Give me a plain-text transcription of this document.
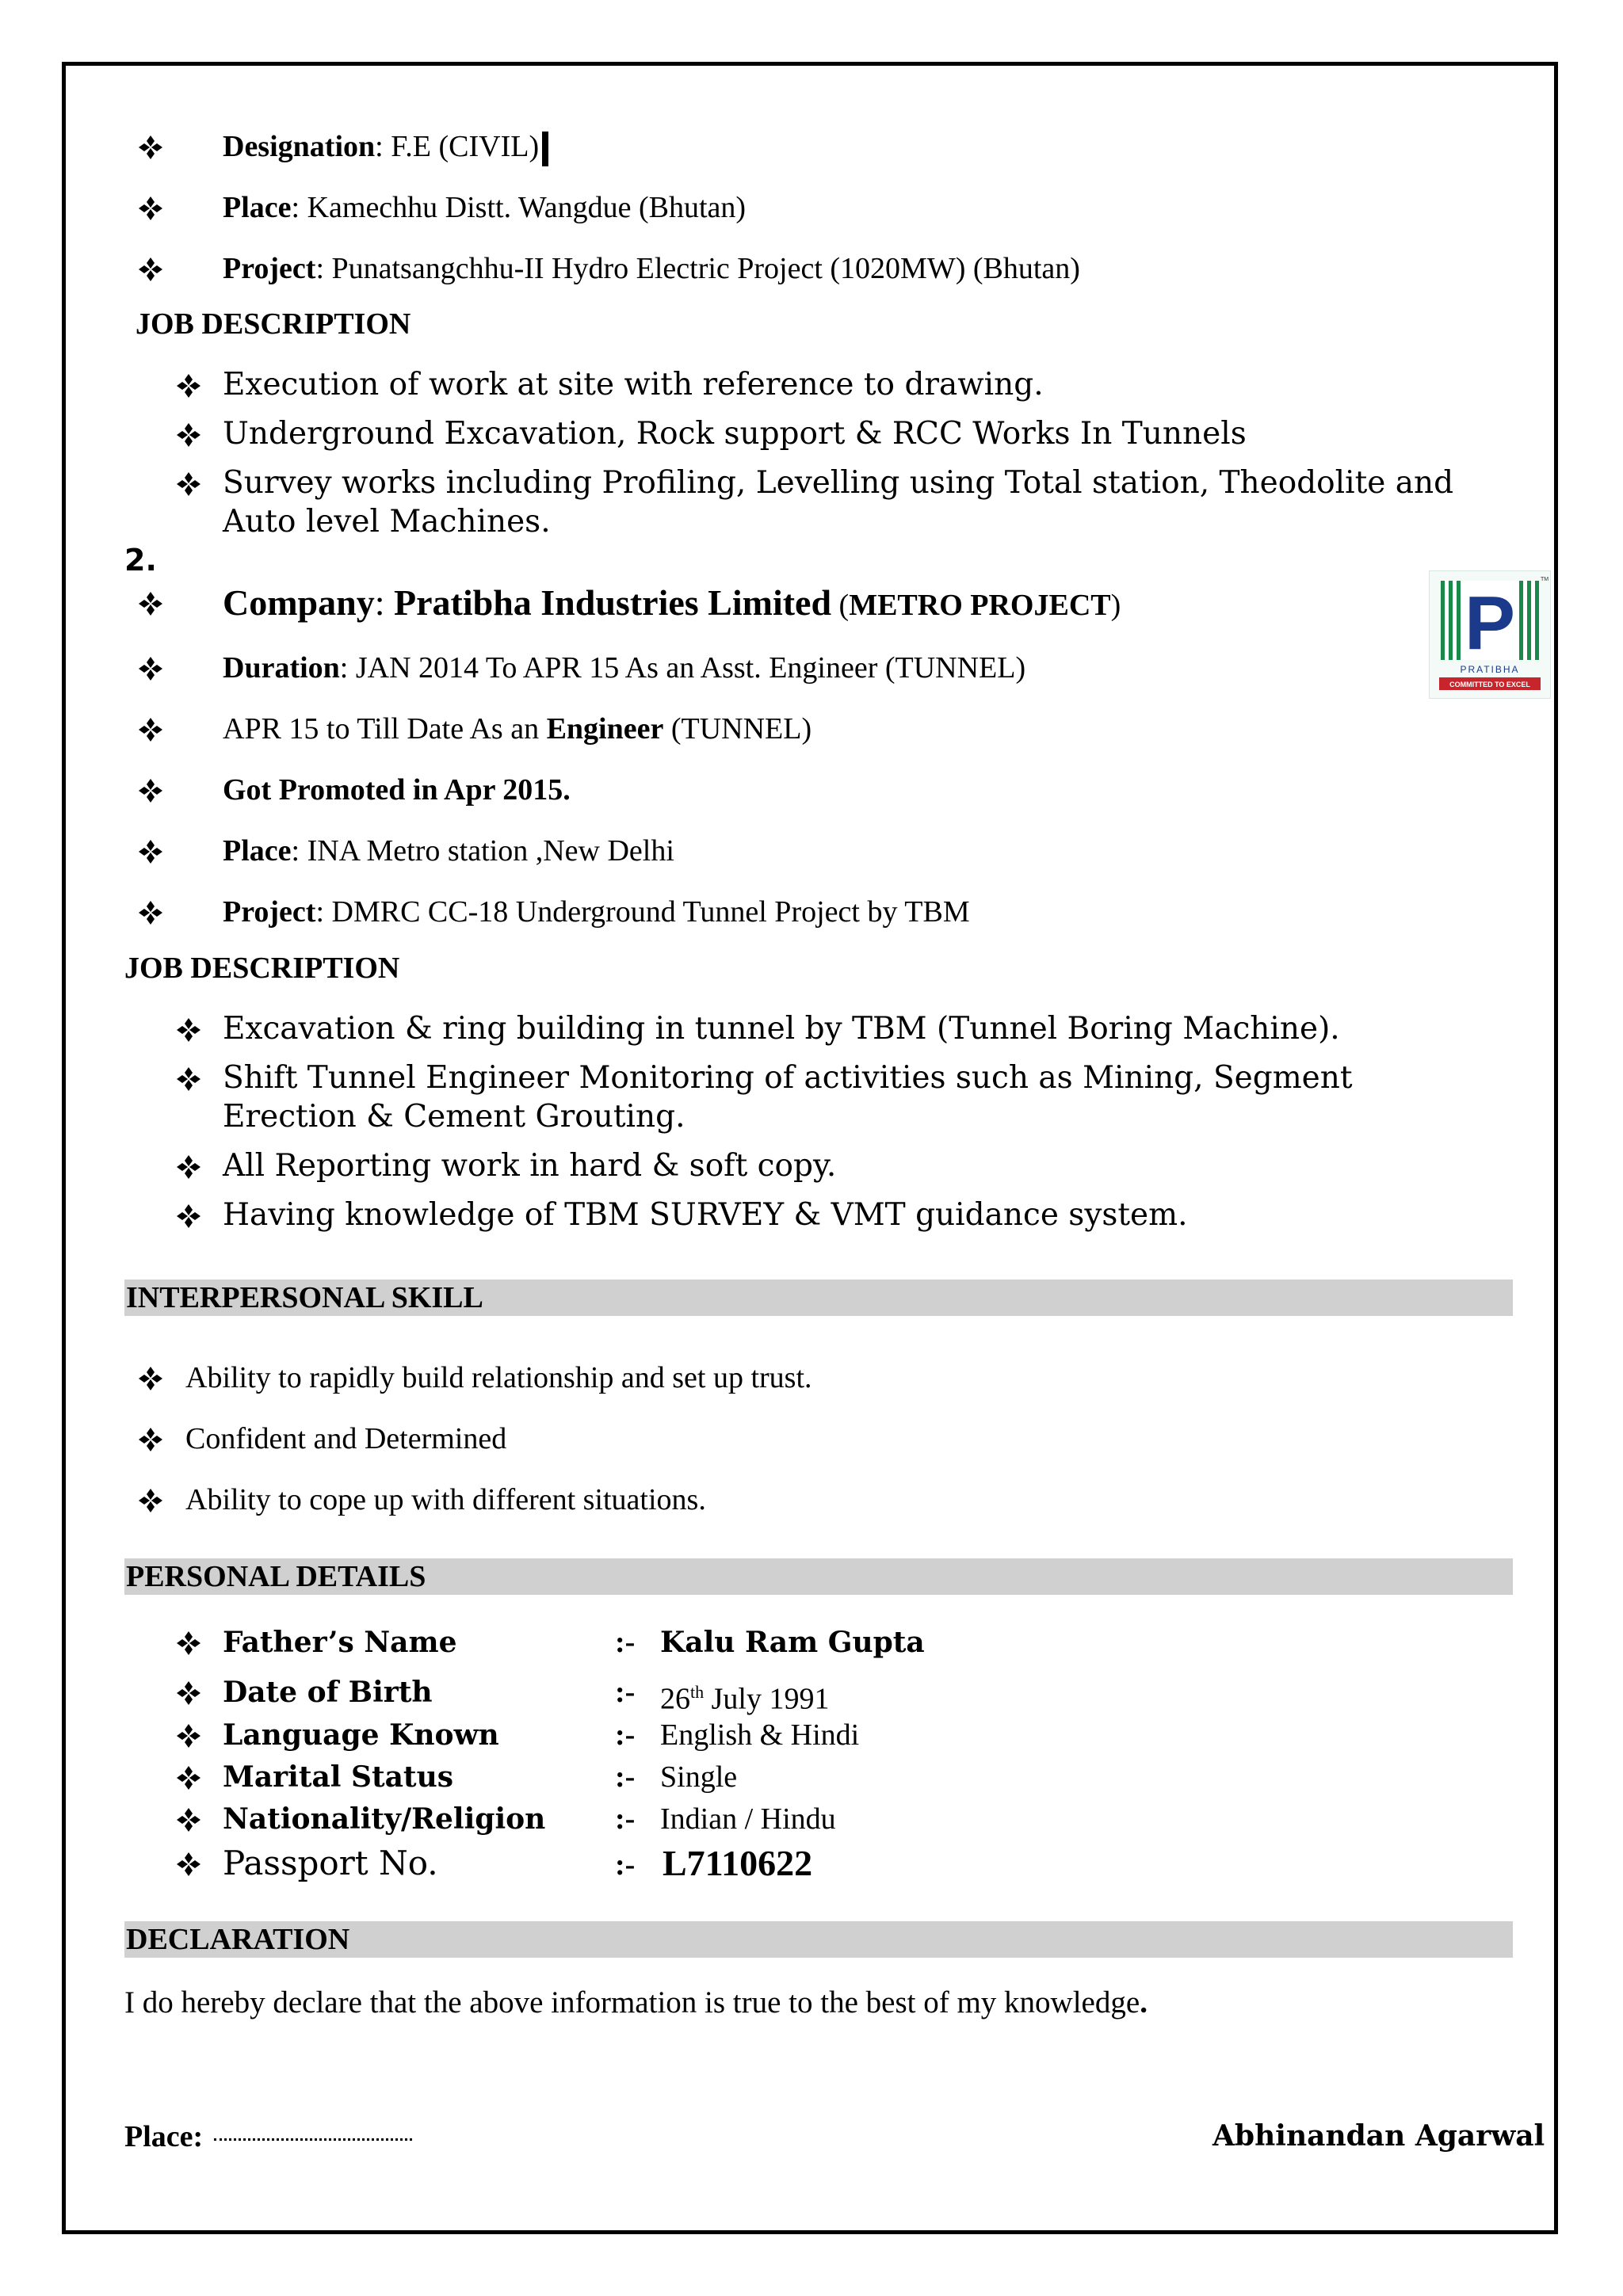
Designation: F.E (CIVIL)
Place: Kamechhu Distt. Wangdue (Bhutan)
Project: Punatsangchhu-II Hydro Electric Project (1020MW) (Bhutan)
JOB DESCRIPTION
Execution of work at site with reference to drawing.
Underground Excavation, Rock support & RCC Works In Tunnels
Survey works including Profiling, Levelling using Total station, Theodolite and
Auto level Machines.
2.
Company: Pratibha Industries Limited (METRO PROJECT)
Duration: JAN 2014 To APR 15 As an Asst. Engineer (TUNNEL)
APR 15 to Till Date As an Engineer (TUNNEL)
Got Promoted in Apr 2015.
Place: INA Metro station ,New Delhi
Project: DMRC CC-18 Underground Tunnel Project by TBM
JOB DESCRIPTION
Excavation & ring building in tunnel by TBM (Tunnel Boring Machine).
Shift Tunnel Engineer Monitoring of activities such as Mining, Segment
Erection & Cement Grouting.
All Reporting work in hard & soft copy.
Having knowledge of TBM SURVEY & VMT guidance system.
P
TM
PRATIBHA
COMMITTED TO EXCEL
INTERPERSONAL SKILL
Ability to rapidly build relationship and set up trust.
Confident and Determined
Ability to cope up with different situations.
PERSONAL DETAILS
Father’s Name	:- Kalu Ram Gupta
Date of Birth	:- 26th July 1991
Language Known	:- English & Hindi
Marital Status	:- Single
Nationality/Religion :- Indian / Hindu
Passport No.	:- L7110622
DECLARATION
I do hereby declare that the above information is true to the best of my knowledge.
Place:	Abhinandan Agarwal
